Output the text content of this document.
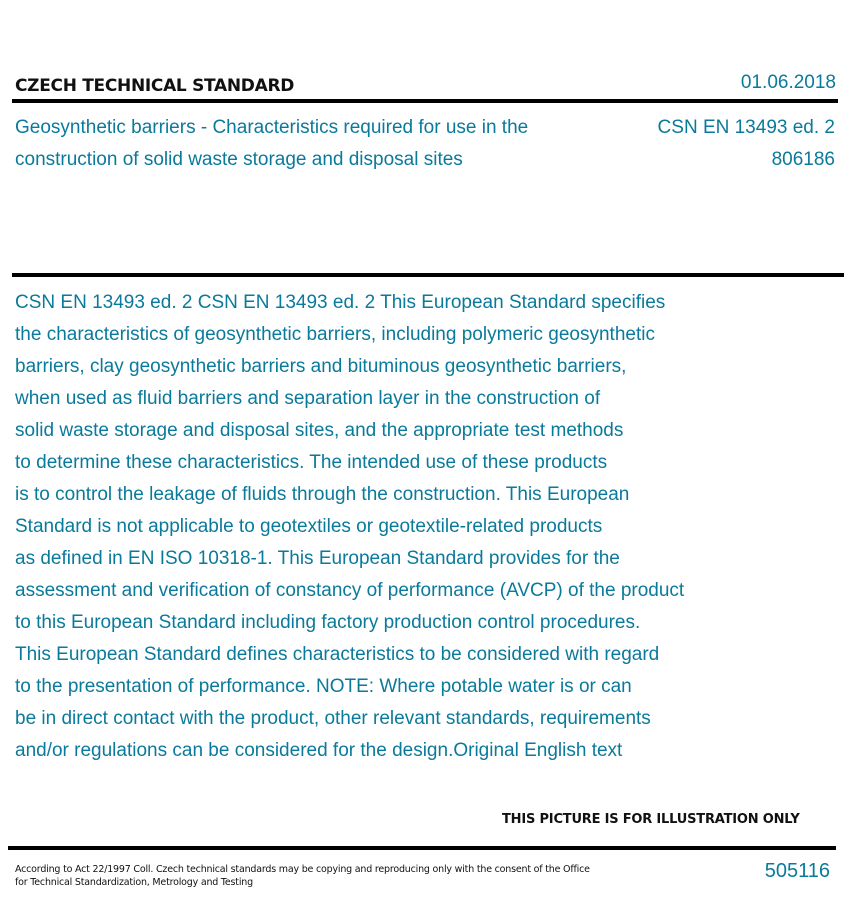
CZECH TECHNICAL STANDARD	01.06.2018
Geosynthetic barriers - Characteristics required for use in the construction of solid waste storage and disposal sites
CSN EN 13493 ed. 2
806186
CSN EN 13493 ed. 2 CSN EN 13493 ed. 2 This European Standard specifies
the characteristics of geosynthetic barriers, including polymeric geosynthetic
barriers, clay geosynthetic barriers and bituminous geosynthetic barriers,
when used as fluid barriers and separation layer in the construction of
solid waste storage and disposal sites, and the appropriate test methods
to determine these characteristics. The intended use of these products
is to control the leakage of fluids through the construction. This European
Standard is not applicable to geotextiles or geotextile-related products
as defined in EN ISO 10318-1. This European Standard provides for the
assessment and verification of constancy of performance (AVCP) of the product
to this European Standard including factory production control procedures.
This European Standard defines characteristics to be considered with regard
to the presentation of performance. NOTE: Where potable water is or can
be in direct contact with the product, other relevant standards, requirements
and/or regulations can be considered for the design.Original English text
THIS PICTURE IS FOR ILLUSTRATION ONLY
According to Act 22/1997 Coll. Czech technical standards may be copying and reproducing only with the consent of the Office
for Technical Standardization, Metrology and Testing
505116
